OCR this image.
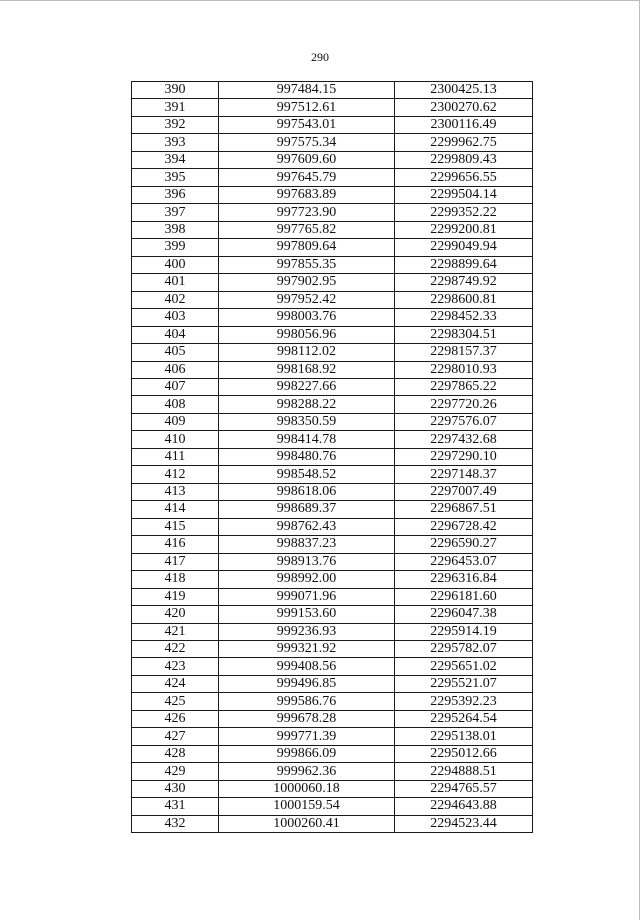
290
390	997484.15	2300425.13
391	997512.61	2300270.62
392	997543.01	2300116.49
393	997575.34	2299962.75
394	997609.60	2299809.43
395	997645.79	2299656.55
396	997683.89	2299504.14
397	997723.90	2299352.22
398	997765.82	2299200.81
399	997809.64	2299049.94
400	997855.35	2298899.64
401	997902.95	2298749.92
402	997952.42	2298600.81
403	998003.76	2298452.33
404	998056.96	2298304.51
405	998112.02	2298157.37
406	998168.92	2298010.93
407	998227.66	2297865.22
408	998288.22	2297720.26
409	998350.59	2297576.07
410	998414.78	2297432.68
411	998480.76	2297290.10
412	998548.52	2297148.37
413	998618.06	2297007.49
414	998689.37	2296867.51
415	998762.43	2296728.42
416	998837.23	2296590.27
417	998913.76	2296453.07
418	998992.00	2296316.84
419	999071.96	2296181.60
420	999153.60	2296047.38
421	999236.93	2295914.19
422	999321.92	2295782.07
423	999408.56	2295651.02
424	999496.85	2295521.07
425	999586.76	2295392.23
426	999678.28	2295264.54
427	999771.39	2295138.01
428	999866.09	2295012.66
429	999962.36	2294888.51
430	1000060.18	2294765.57
431	1000159.54	2294643.88
432	1000260.41	2294523.44
